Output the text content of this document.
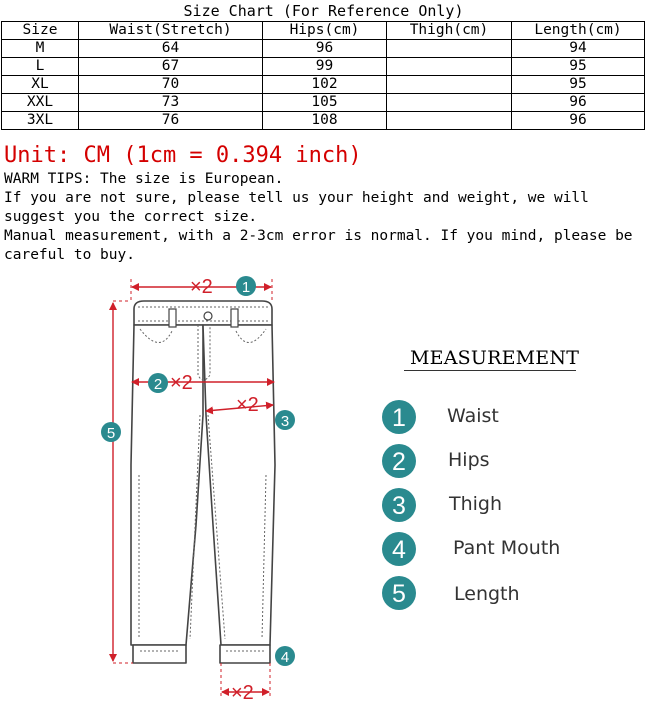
Size Chart (For Reference Only)
Size	Waist(Stretch)	Hips(cm)	Thigh(cm)	Length(cm)
M	64	96		94
L	67	99		95
XL	70	102		95
XXL	73	105		96
3XL	76	108		96
Unit: CM (1cm = 0.394 inch)

WARM TIPS: The size is European.

If you are not sure, please tell us your height and weight, we will suggest you the correct size.

Manual measurement, with a 2-3cm error is normal. If you mind, please be careful to buy.

×2 1
2 ×2
×2
3
5
4
×2
MEASUREMENT
1
2
3
4
5
Waist
Hips
Thigh
Pant Mouth
Length
